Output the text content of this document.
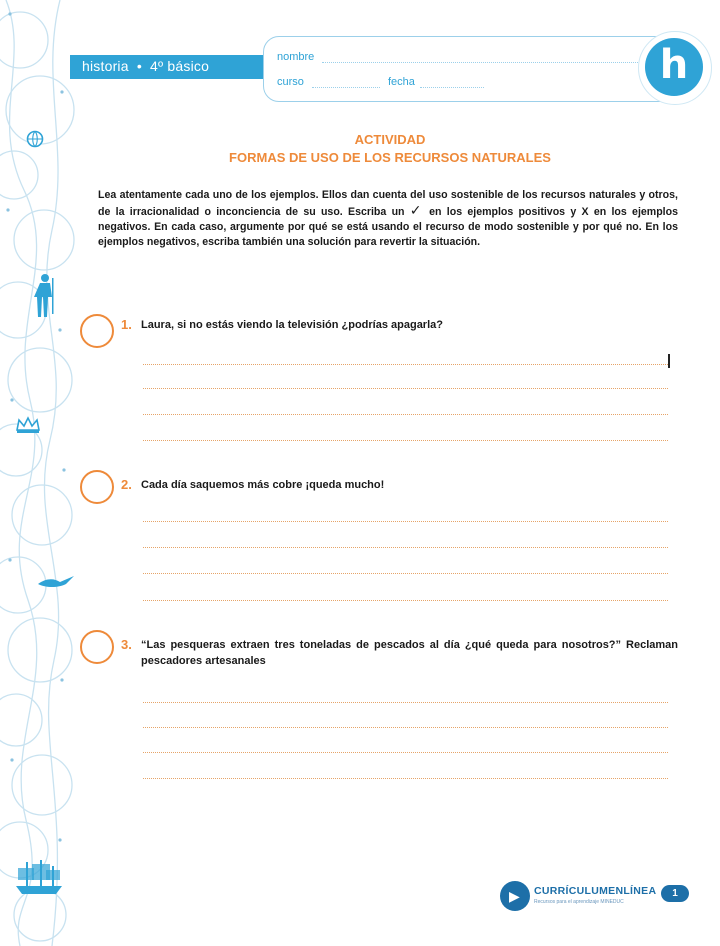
historia • 4º básico
nombre
curso	fecha	h
ACTIVIDAD
FORMAS DE USO DE LOS RECURSOS NATURALES
Lea atentamente cada uno de los ejemplos. Ellos dan cuenta del uso sostenible de los recursos naturales y otros, de la irracionalidad o inconciencia de su uso. Escriba un ✓ en los ejemplos positivos y X en los ejemplos negativos. En cada caso, argumente por qué se está usando el recurso de modo sostenible y por qué no. En los ejemplos negativos, escriba también una solución para revertir la situación.
1. Laura, si no estás viendo la televisión ¿podrías apagarla?
2. Cada día saquemos más cobre ¡queda mucho!
3. “Las pesqueras extraen tres toneladas de pescados al día ¿qué queda para nosotros?” Reclaman pescadores artesanales
▶ CURRÍCULUMENLÍNEA
Recursos para el aprendizaje MINEDUC
1
